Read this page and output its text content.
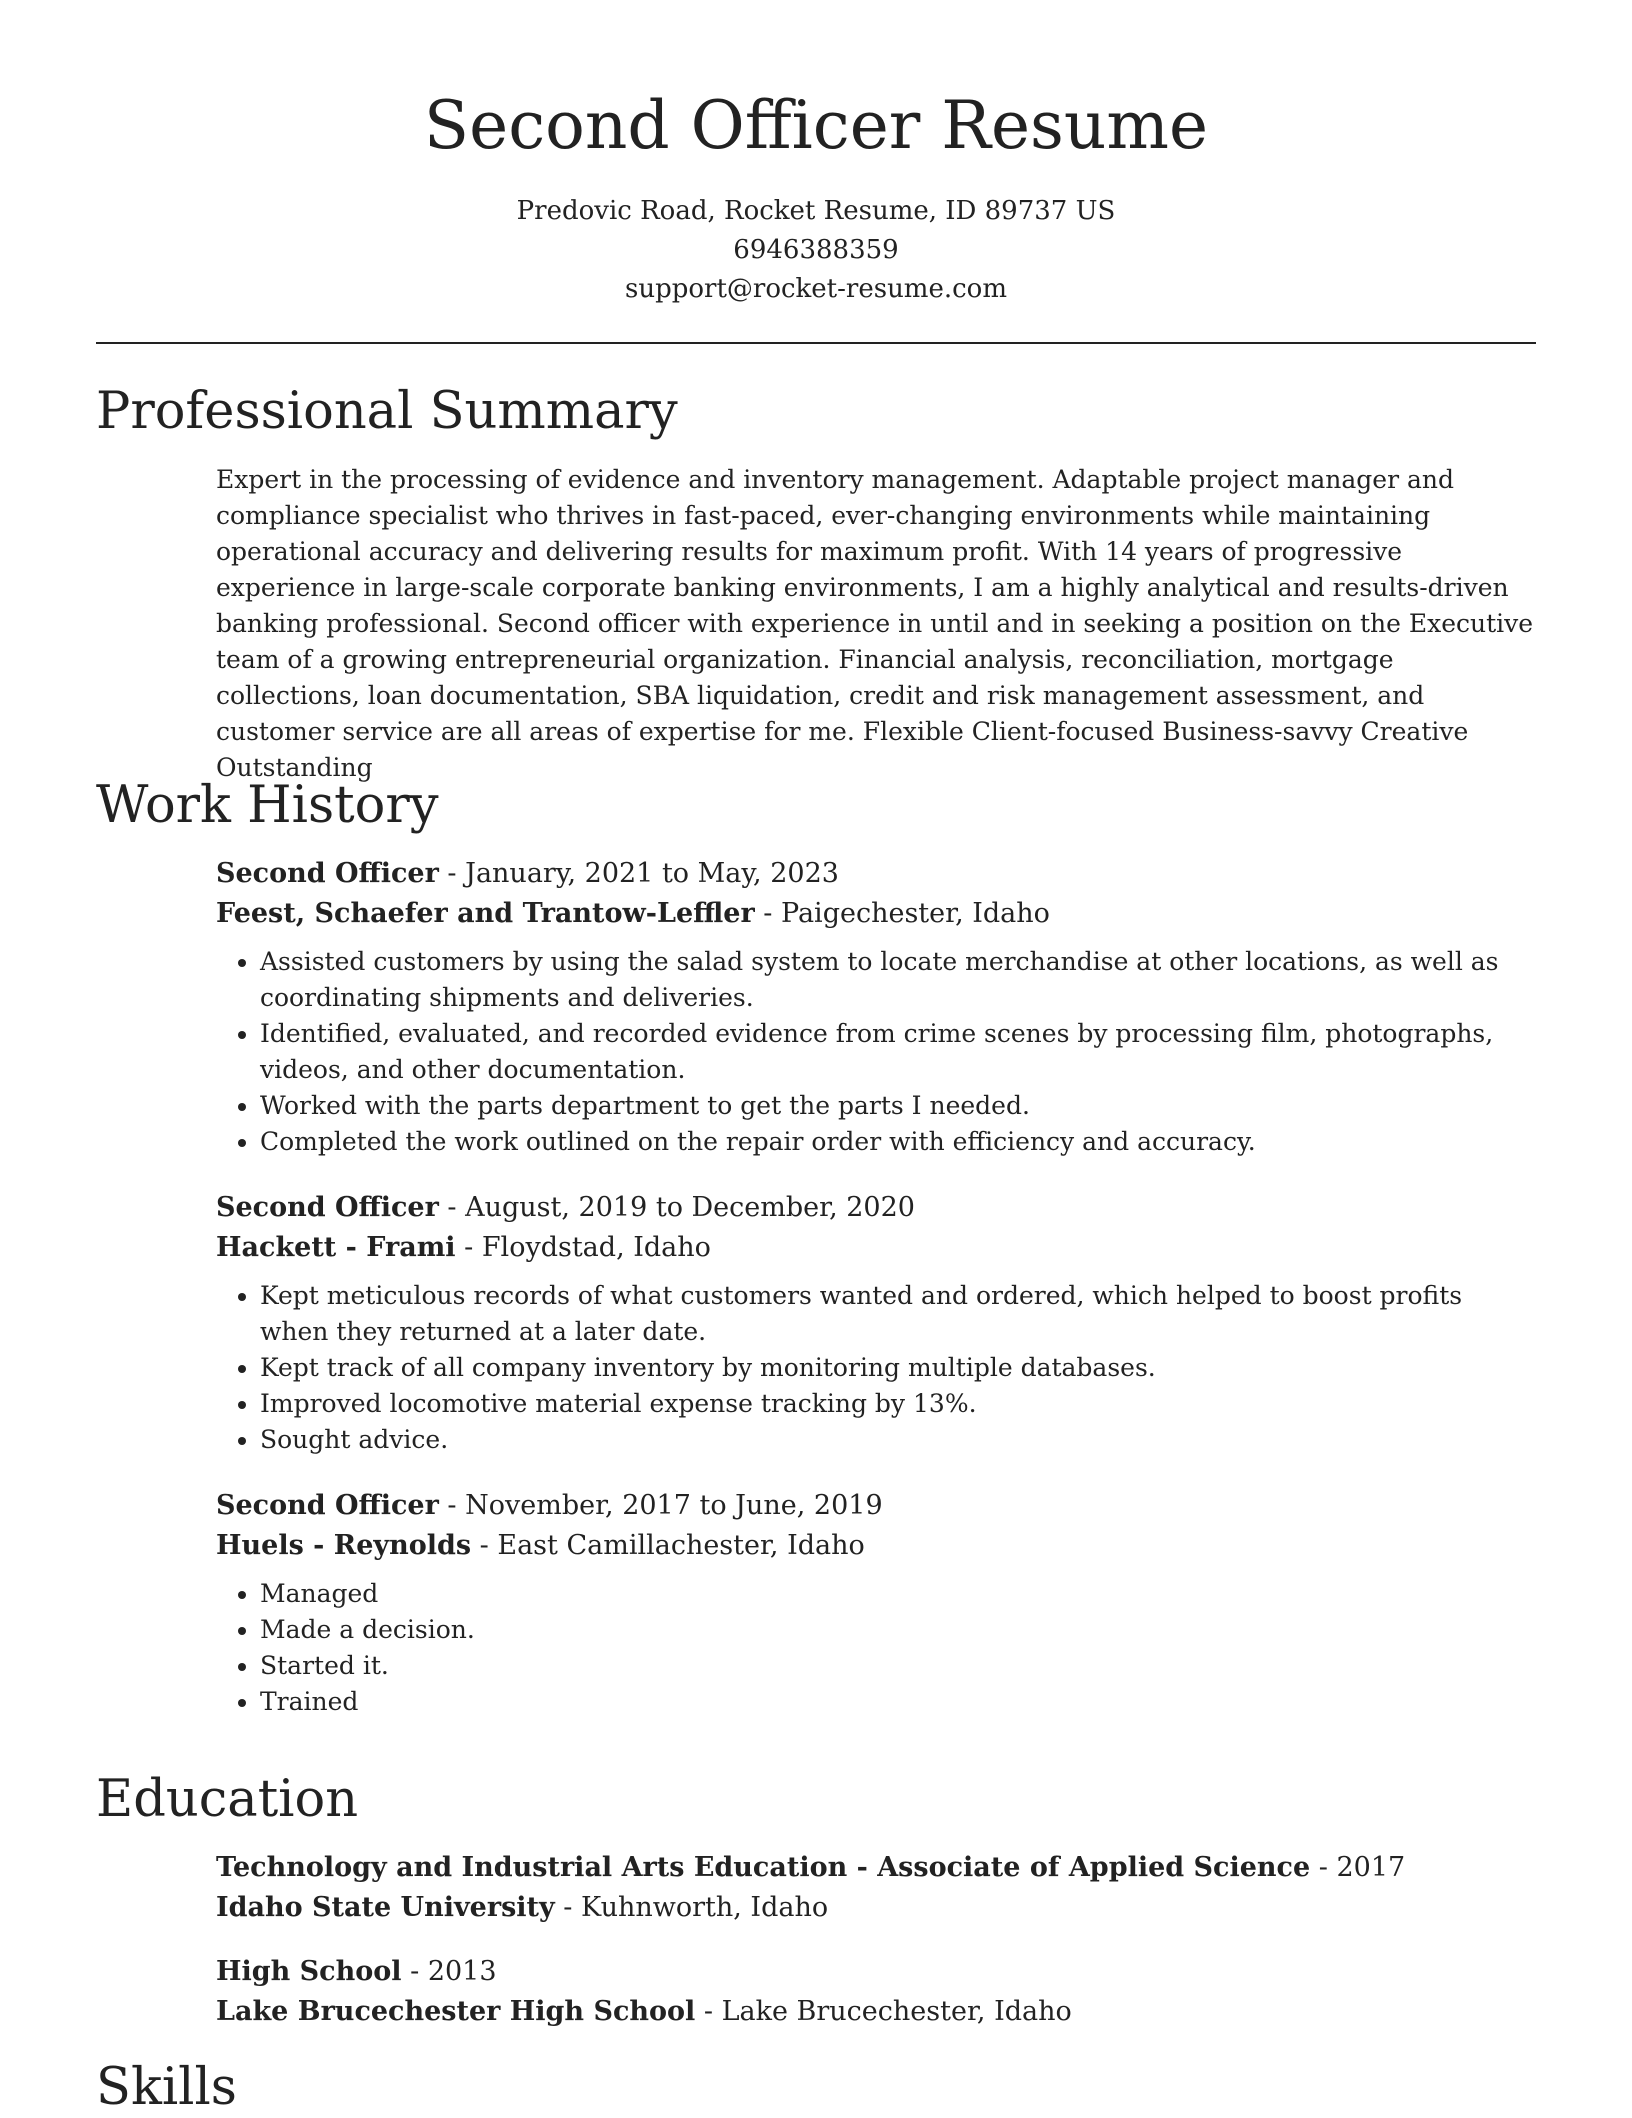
Second Officer Resume
Predovic Road, Rocket Resume, ID 89737 US
6946388359
support@rocket-resume.com
Professional Summary

Expert in the processing of evidence and inventory management. Adaptable project manager and compliance specialist who thrives in fast-paced, ever-changing environments while maintaining operational accuracy and delivering results for maximum profit. With 14 years of progressive experience in large-scale corporate banking environments, I am a highly analytical and results-driven banking professional. Second officer with experience in until and in seeking a position on the Executive team of a growing entrepreneurial organization. Financial analysis, reconciliation, mortgage collections, loan documentation, SBA liquidation, credit and risk management assessment, and customer service are all areas of expertise for me. Flexible Client-focused Business-savvy Creative Outstanding

Work History
Second Officer - January, 2021 to May, 2023
Feest, Schaefer and Trantow-Leffler - Paigechester, Idaho
• Assisted customers by using the salad system to locate merchandise at other locations, as well as coordinating shipments and deliveries.
• Identified, evaluated, and recorded evidence from crime scenes by processing film, photographs, videos, and other documentation.
• Worked with the parts department to get the parts I needed.
• Completed the work outlined on the repair order with efficiency and accuracy.
Second Officer - August, 2019 to December, 2020
Hackett - Frami - Floydstad, Idaho
• Kept meticulous records of what customers wanted and ordered, which helped to boost profits when they returned at a later date.
• Kept track of all company inventory by monitoring multiple databases.
• Improved locomotive material expense tracking by 13%.
• Sought advice.
Second Officer - November, 2017 to June, 2019
Huels - Reynolds - East Camillachester, Idaho
• Managed
• Made a decision.
• Started it.
• Trained
Education
Technology and Industrial Arts Education - Associate of Applied Science - 2017
Idaho State University - Kuhnworth, Idaho
High School - 2013
Lake Brucechester High School - Lake Brucechester, Idaho
Skills
